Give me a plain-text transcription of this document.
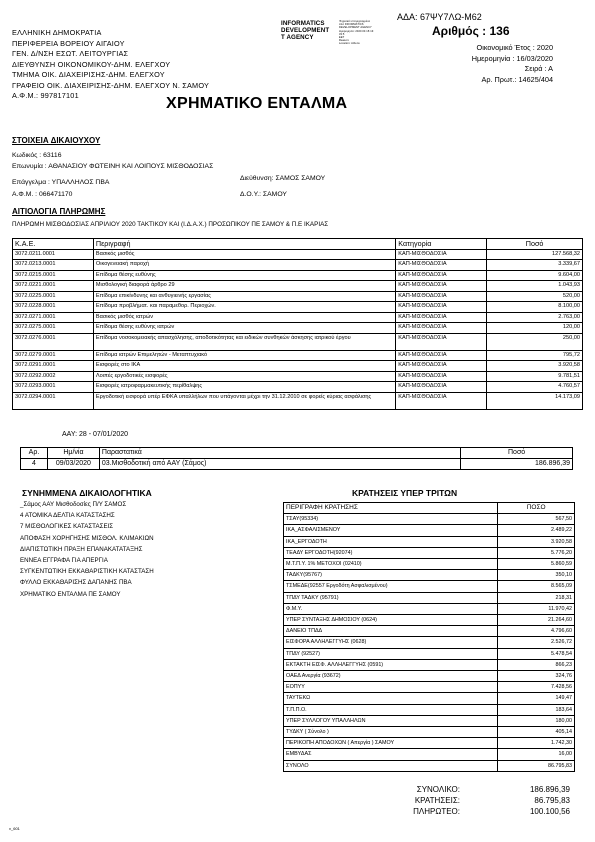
ΑΔΑ: 67ΨΥ7ΛΩ-Μ62
ΕΛΛΗΝΙΚΗ ΔΗΜΟΚΡΑΤΙΑ
ΠΕΡΙΦΕΡΕΙΑ ΒΟΡΕΙΟΥ ΑΙΓΑΙΟΥ
ΓΕΝ. Δ/ΝΣΗ ΕΣΩΤ. ΛΕΙΤΟΥΡΓΙΑΣ
ΔΙΕΥΘΥΝΣΗ ΟΙΚΟΝΟΜΙΚΟΥ-ΔΗΜ. ΕΛΕΓΧΟΥ
ΤΜΗΜΑ ΟΙΚ. ΔΙΑΧΕΙΡΙΣΗΣ-ΔΗΜ. ΕΛΕΓΧΟΥ
ΓΡΑΦΕΙΟ ΟΙΚ. ΔΙΑΧΕΙΡΙΣΗΣ-ΔΗΜ. ΕΛΕΓΧΟΥ Ν. ΣΑΜΟΥ
Α.Φ.Μ.: 997817101
INFORMATICS
DEVELOPMENT
T AGENCY
Ψηφιακά υπογεγραμμένο
από INFORMATICS
DEVELOPMENT AGENCY
Ημερομηνία: 2020.03.18 13:
33:5
EET
Reason:
Location: Athens
Αριθμός : 136
Οικονομικό Έτος : 2020
Ημερομηνία : 16/03/2020
Σειρά : Α
Αρ. Πρωτ.: 14625/404
ΧΡΗΜΑΤΙΚΟ ΕΝΤΑΛΜΑ
ΣΤΟΙΧΕΙΑ ΔΙΚΑΙΟΥΧΟΥ
Κωδικός : 63116
Επωνυμία : ΑΘΑΝΑΣΙΟΥ ΦΩΤΕΙΝΗ ΚΑΙ ΛΟΙΠΟΥΣ ΜΙΣΘΟΔΟΣΙΑΣ
Επάγγελμα : ΥΠΑΛΛΗΛΟΣ ΠΒΑ
Διεύθυνση: ΣΑΜΟΣ ΣΑΜΟΥ
Α.Φ.Μ. : 066471170	Δ.Ο.Υ.: ΣΑΜΟΥ
ΑΙΤΙΟΛΟΓΙΑ ΠΛΗΡΩΜΗΣ
ΠΛΗΡΩΜΗ ΜΙΣΘΟΔΟΣΙΑΣ ΑΠΡΙΛΙΟΥ 2020 ΤΑΚΤΙΚΟΥ ΚΑΙ (Ι.Δ.Α.Χ.) ΠΡΟΣΩΠΙΚΟΥ ΠΕ ΣΑΜΟΥ & Π.Ε ΙΚΑΡΙΑΣ
Κ.Α.Ε.	Περιγραφή	Κατηγορία	Ποσό
3072.0211.0001	Βασικός μισθός	ΚΑΠ-ΜΙΣΘΟΔΟΣΙΑ	127.568,32
3072.0213.0001	Οικογενειακή παροχή	ΚΑΠ-ΜΙΣΘΟΔΟΣΙΑ	3.339,67
3072.0215.0001	Επίδομα θέσης ευθύνης	ΚΑΠ-ΜΙΣΘΟΔΟΣΙΑ	9.604,00
3072.0221.0001	Μισθολογική διαφορά άρθρο 29	ΚΑΠ-ΜΙΣΘΟΔΟΣΙΑ	1.043,93
3072.0225.0001	Επίδομα επικίνδυνης και ανθυγιεινής εργασίας	ΚΑΠ-ΜΙΣΘΟΔΟΣΙΑ	520,00
3072.0228.0001	Επίδομα προβλήματ. και παραμεθορ. Περιοχών.	ΚΑΠ-ΜΙΣΘΟΔΟΣΙΑ	8.100,00
3072.0271.0001	Βασικός μισθός ιατρών	ΚΑΠ-ΜΙΣΘΟΔΟΣΙΑ	2.763,00
3072.0275.0001	Επίδομα θέσης ευθύνης ιατρών	ΚΑΠ-ΜΙΣΘΟΔΟΣΙΑ	120,00
3072.0276.0001	Επίδομα νοσοκομειακής απασχόλησης, αποδοτικότητας και ειδικών συνθηκών άσκησης ιατρικού έργου	ΚΑΠ-ΜΙΣΘΟΔΟΣΙΑ	250,00
3072.0279.0001	Επίδομα ιατρών Επιμελητών - Μεταπτυχιακό	ΚΑΠ-ΜΙΣΘΟΔΟΣΙΑ	795,72
3072.0291.0001	Εισφορές στο ΙΚΑ	ΚΑΠ-ΜΙΣΘΟΔΟΣΙΑ	3.920,58
3072.0292.0002	Λοιπές εργοδοτικές εισφορές	ΚΑΠ-ΜΙΣΘΟΔΟΣΙΑ	9.781,51
3072.0293.0001	Εισφορές ιατροφαρμακευτικής περίθαλψης	ΚΑΠ-ΜΙΣΘΟΔΟΣΙΑ	4.760,57
3072.0294.0001	Εργοδοτική εισφορά υπέρ ΕΦΚΑ υπαλλήλων που υπάγονται μέχρι την 31.12.2010 σε φορείς κύριας ασφάλισης	ΚΑΠ-ΜΙΣΘΟΔΟΣΙΑ	14.173,09
ΑΑΥ: 28 - 07/01/2020
Αρ.	Ημ/νία	Παραστατικά	Ποσό
4	09/03/2020	03.Μισθοδοτική από ΑΑΥ (Σάμος)	186.896,39
ΣΥΝΗΜΜΕΝΑ ΔΙΚΑΙΟΛΟΓΗΤΙΚΑ
_Σάμος ΑΑΥ Μισθοδοσίες Π/Υ ΣΑΜΟΣ
4 ΑΤΟΜΙΚΑ ΔΕΛΤΙΑ ΚΑΤΑΣΤΑΣΗΣ
7 ΜΙΣΘΟΛΟΓΙΚΕΣ ΚΑΤΑΣΤΑΣΕΙΣ
ΑΠΟΦΑΣΗ ΧΟΡΗΓΗΣΗΣ ΜΙΣΘΟΛ. ΚΛΙΜΑΚΙΩΝ
ΔΙΑΠΙΣΤΩΤΙΚΗ ΠΡΑΞΗ ΕΠΑΝΑΚΑΤΑΤΑΞΗΣ
ΕΝΝΕΑ ΕΓΓΡΑΦΑ ΓΙΑ ΑΠΕΡΓΙΑ
ΣΥΓΚΕΝΤΩΤΙΚΗ ΕΚΚΑΘΑΡΙΣΤΙΚΗ ΚΑΤΑΣΤΑΣΗ
ΦΥΛΛΟ ΕΚΚΑΘΑΡΙΣΗΣ ΔΑΠΑΝΗΣ ΠΒΑ
ΧΡΗΜΑΤΙΚΟ ΕΝΤΑΛΜΑ ΠΕ ΣΑΜΟΥ
ΚΡΑΤΗΣΕΙΣ ΥΠΕΡ ΤΡΙΤΩΝ
ΠΕΡΙΓΡΑΦΗ ΚΡΑΤΗΣΗΣ	ΠΟΣΟ
ΤΣΑΥ(95334)	567,50
ΙΚΑ_ΑΣΦΑΛΙΣΜΕΝΟΥ	2.489,22
ΙΚΑ_ΕΡΓΟΔΟΤΗ	3.920,58
ΤΕΑΔΥ ΕΡΓΟΔΟΤΗ(92074)	5.776,20
Μ.Τ.Π.Υ. 1% ΜΕΤΟΧΟΙ (02410)	5.860,59
ΤΑΔΚΥ(95767)	350,10
ΤΣΜΕΔΕ(92557 Εργοδότη Ασφαλισμένου)	8.565,09
ΤΠΔΥ ΤΑΔΚΥ (95791)	218,31
Φ.Μ.Υ.	11.970,42
ΥΠΕΡ ΣΥΝΤΑΞΗΣ ΔΗΜΟΣΙΟΥ (0624)	21.264,60
ΔΑΝΕΙΟ ΤΠΔΔ	4.796,60
ΕΙΣΦΟΡΑ ΑΛΛΗΛΕΓΓΥΗΣ (0628)	2.526,72
ΤΠΔΥ (92527)	5.478,54
ΕΚΤΑΚΤΗ ΕΙΣΦ. ΑΛΛΗΛΕΓΓΥΗΣ (0591)	866,23
ΟΑΕΔ Ανεργία (93672)	324,76
ΕΟΠΥΥ	7.428,56
ΤΑΥΤΕΚΩ	149,47
Τ.Π.Π.Ο.	183,64
ΥΠΕΡ ΣΥΛΛΟΓΟΥ ΥΠΑΛΛΗΛΩΝ	180,00
ΤΥΔΚΥ ( Σύνολο )	405,14
ΠΕΡΙΚΟΠΗ ΑΠΟΔΟΧΩΝ ( Απεργία ) ΣΑΜΟΥ	1.742,30
ΕΜΒΥΔΑΣ	16,00
ΣΥΝΟΛΟ	86.795,83
ΣΥΝΟΛΙΚΟ:	186.896,39
ΚΡΑΤΗΣΕΙΣ:	86.795,83
ΠΛΗΡΩΤΕΟ:	100.100,56
v_601
